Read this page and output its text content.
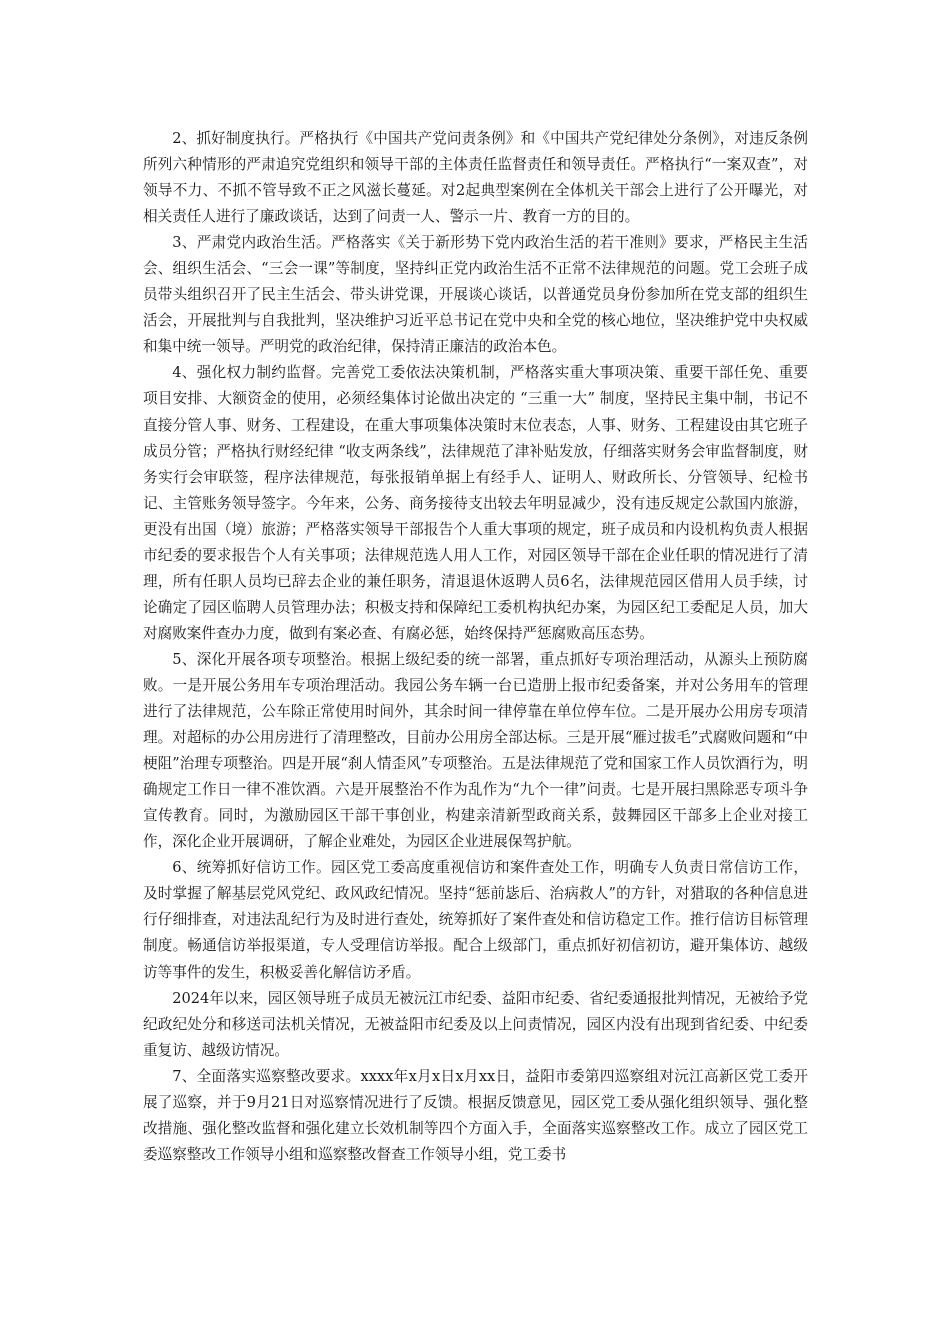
2、抓好制度执行。严格执行《中国共产党问责条例》和《中国共产党纪律处分条例》，对违反条例所列六种情形的严肃追究党组织和领导干部的主体责任监督责任和领导责任。严格执行“一案双查”，对领导不力、不抓不管导致不正之风滋长蔓延。对2起典型案例在全体机关干部会上进行了公开曝光，对相关责任人进行了廉政谈话，达到了问责一人、警示一片、教育一方的目的。

3、严肃党内政治生活。严格落实《关于新形势下党内政治生活的若干准则》要求，严格民主生活会、组织生活会、“三会一课”等制度，坚持纠正党内政治生活不正常不法律规范的问题。党工会班子成员带头组织召开了民主生活会、带头讲党课，开展谈心谈话，以普通党员身份参加所在党支部的组织生活会，开展批判与自我批判，坚决维护习近平总书记在党中央和全党的核心地位，坚决维护党中央权威和集中统一领导。严明党的政治纪律，保持清正廉洁的政治本色。

4、强化权力制约监督。完善党工委依法决策机制，严格落实重大事项决策、重要干部任免、重要项目安排、大额资金的使用，必须经集体讨论做出决定的 “三重一大” 制度，坚持民主集中制，书记不直接分管人事、财务、工程建设，在重大事项集体决策时末位表态，人事、财务、工程建设由其它班子成员分管；严格执行财经纪律 “收支两条线”，法律规范了津补贴发放，仔细落实财务会审监督制度，财务实行会审联签，程序法律规范，每张报销单据上有经手人、证明人、财政所长、分管领导、纪检书记、主管账务领导签字。今年来，公务、商务接待支出较去年明显减少，没有违反规定公款国内旅游，更没有出国（境）旅游；严格落实领导干部报告个人重大事项的规定，班子成员和内设机构负责人根据市纪委的要求报告个人有关事项；法律规范选人用人工作，对园区领导干部在企业任职的情况进行了清理，所有任职人员均已辞去企业的兼任职务，清退退休返聘人员6名，法律规范园区借用人员手续，讨论确定了园区临聘人员管理办法；积极支持和保障纪工委机构执纪办案，为园区纪工委配足人员，加大对腐败案件查办力度，做到有案必查、有腐必惩，始终保持严惩腐败高压态势。

5、深化开展各项专项整治。根据上级纪委的统一部署，重点抓好专项治理活动，从源头上预防腐败。一是开展公务用车专项治理活动。我园公务车辆一台已造册上报市纪委备案，并对公务用车的管理进行了法律规范，公车除正常使用时间外，其余时间一律停靠在单位停车位。二是开展办公用房专项清理。对超标的办公用房进行了清理整改，目前办公用房全部达标。三是开展“雁过拔毛”式腐败问题和“中梗阻”治理专项整治。四是开展“刹人情歪风”专项整治。五是法律规范了党和国家工作人员饮酒行为，明确规定工作日一律不准饮酒。六是开展整治不作为乱作为“九个一律”问责。七是开展扫黑除恶专项斗争宣传教育。同时，为激励园区干部干事创业，构建亲清新型政商关系，鼓舞园区干部多上企业对接工作，深化企业开展调研，了解企业难处，为园区企业进展保驾护航。

6、统筹抓好信访工作。园区党工委高度重视信访和案件查处工作，明确专人负责日常信访工作，及时掌握了解基层党风党纪、政风政纪情况。坚持“惩前毖后、治病救人”的方针，对猎取的各种信息进行仔细排查，对违法乱纪行为及时进行查处，统筹抓好了案件查处和信访稳定工作。推行信访目标管理制度。畅通信访举报渠道，专人受理信访举报。配合上级部门，重点抓好初信初访，避开集体访、越级访等事件的发生，积极妥善化解信访矛盾。

2024年以来，园区领导班子成员无被沅江市纪委、益阳市纪委、省纪委通报批判情况，无被给予党纪政纪处分和移送司法机关情况，无被益阳市纪委及以上问责情况，园区内没有出现到省纪委、中纪委重复访、越级访情况。

7、全面落实巡察整改要求。xxxx年x月x日x月xx日，益阳市委第四巡察组对沅江高新区党工委开展了巡察，并于9月21日对巡察情况进行了反馈。根据反馈意见，园区党工委从强化组织领导、强化整改措施、强化整改监督和强化建立长效机制等四个方面入手，全面落实巡察整改工作。成立了园区党工委巡察整改工作领导小组和巡察整改督查工作领导小组，党工委书
